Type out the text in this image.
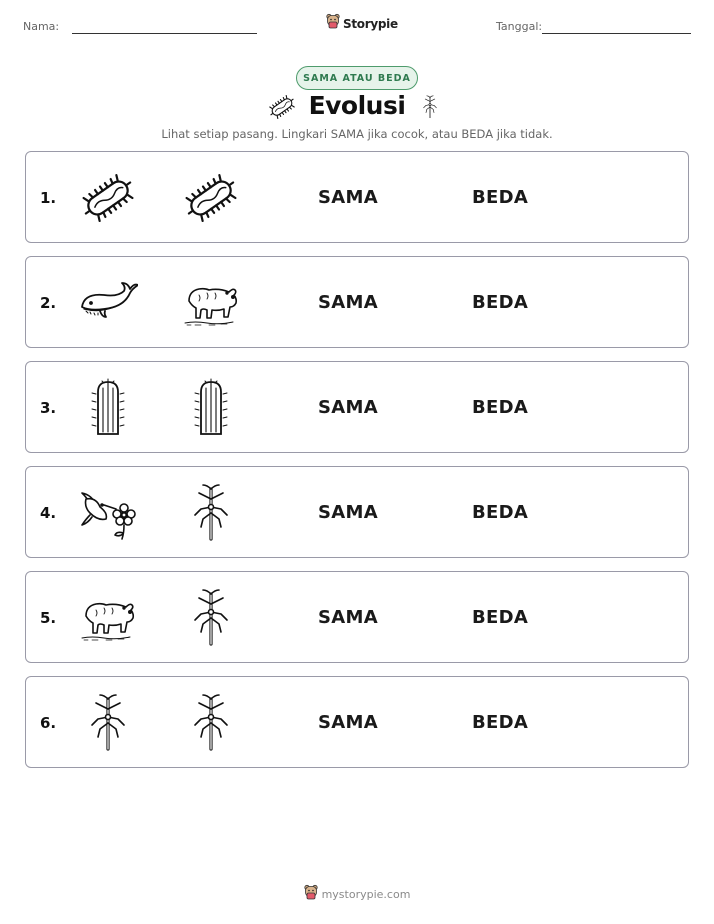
Nama:	Storypie	Tanggal:
SAMA ATAU BEDA
Evolusi
Lihat setiap pasang. Lingkari SAMA jika cocok, atau BEDA jika tidak.
1.	SAMA	BEDA
2.	SAMA	BEDA
3.	SAMA	BEDA
4.	SAMA	BEDA
5.	SAMA	BEDA
6.	SAMA	BEDA
mystorypie.com
